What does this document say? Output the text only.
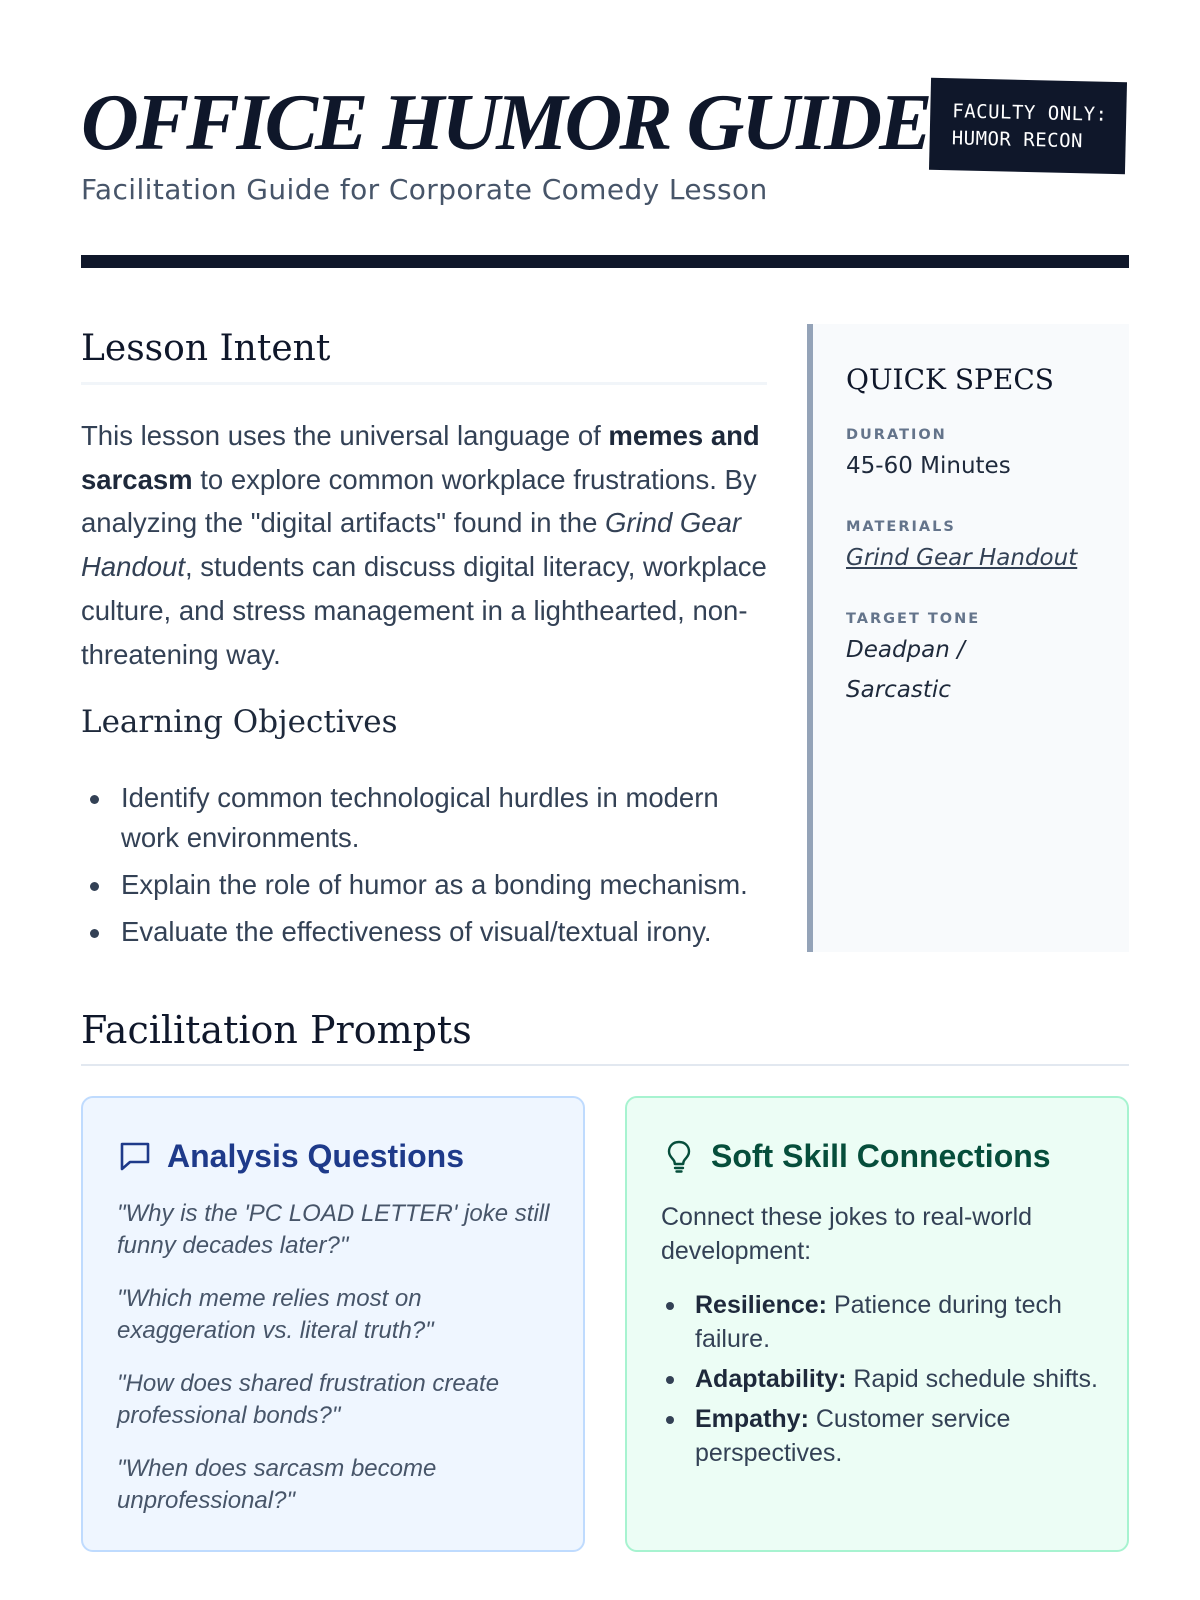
OFFICE HUMOR GUIDE
Facilitation Guide for Corporate Comedy Lesson
FACULTY ONLY:
HUMOR RECON
Lesson Intent

This lesson uses the universal language of memes and sarcasm to explore common workplace frustrations. By analyzing the "digital artifacts" found in the Grind Gear Handout, students can discuss digital literacy, workplace culture, and stress management in a lighthearted, non-threatening way.

Learning Objectives
Identify common technological hurdles in modern work environments.
Explain the role of humor as a bonding mechanism.
Evaluate the effectiveness of visual/textual irony.
QUICK SPECS
DURATION
45-60 Minutes
MATERIALS
Grind Gear Handout
TARGET TONE
Deadpan / Sarcastic
Facilitation Prompts
Analysis Questions

"Why is the 'PC LOAD LETTER' joke still funny decades later?"

"Which meme relies most on exaggeration vs. literal truth?"

"How does shared frustration create professional bonds?"

"When does sarcasm become unprofessional?"

Soft Skill Connections

Connect these jokes to real-world development:

Resilience: Patience during tech failure.
Adaptability: Rapid schedule shifts.
Empathy: Customer service perspectives.
